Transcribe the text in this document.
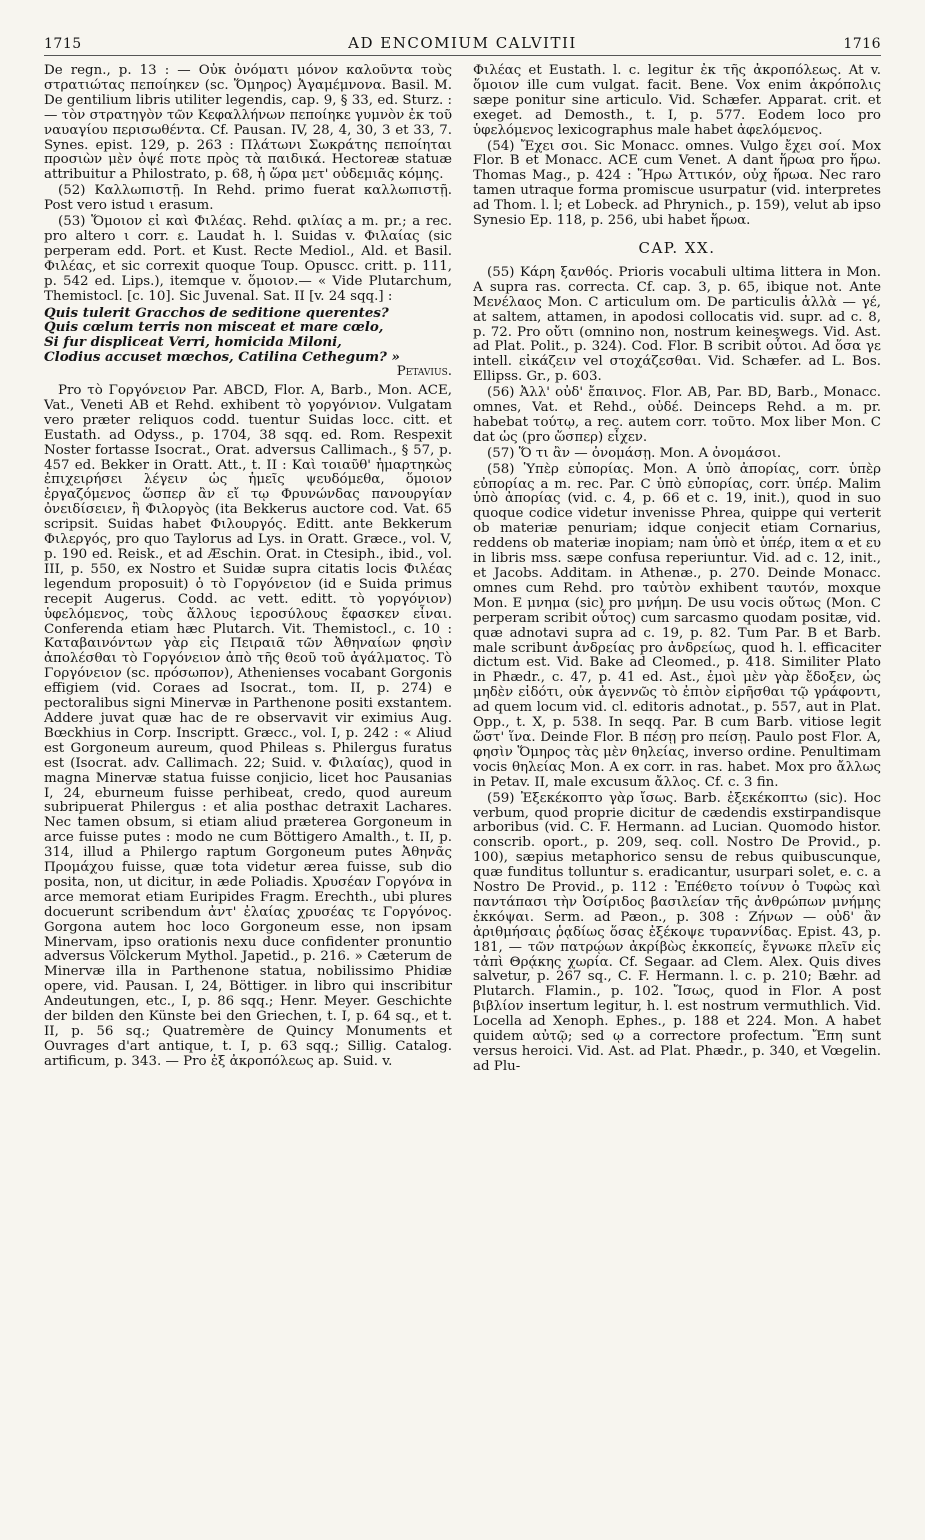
1715	AD ENCOMIUM CALVITII	1716

De regn., p. 13 : — Οὐκ ὀνόματι μόνον καλοῦντα τοὺς στρατιώτας πεποίηκεν (sc. Ὅμηρος) Ἀγαμέμνονα. Basil. M. De gentilium libris utiliter legendis, cap. 9, § 33, ed. Sturz. : — τὸν στρατηγὸν τῶν Κεφαλλήνων πεποίηκε γυμνὸν ἐκ τοῦ ναυαγίου περισωθέντα. Cf. Pausan. IV, 28, 4, 30, 3 et 33, 7. Synes. epist. 129, p. 263 : Πλάτωνι Σωκράτης πεποίηται προσιὼν μὲν ὀψέ ποτε πρὸς τὰ παιδικά. Hectoreæ statuæ attribuitur a Philostrato, p. 68, ἡ ὥρα μετ' οὐδεμιᾶς κόμης.

(52) Καλλωπιστῇ. In Rehd. primo fuerat καλλωπιστῇ. Post vero istud ι erasum.

(53) Ὅμοιον εἰ καὶ Φιλέας. Rehd. φιλίας a m. pr.; a rec. pro altero ι corr. ε. Laudat h. l. Suidas v. Φιλαίας (sic perperam edd. Port. et Kust. Recte Mediol., Ald. et Basil. Φιλέας, et sic correxit quoque Toup. Opuscc. critt. p. 111, p. 542 ed. Lips.), itemque v. ὅμοιον.— « Vide Plutarchum, Themistocl. [c. 10]. Sic Juvenal. Sat. II [v. 24 sqq.] :

Quis tulerit Gracchos de seditione querentes?
Quis cœlum terris non misceat et mare cœlo,
Si fur displiceat Verri, homicida Miloni,
Clodius accuset mœchos, Catilina Cethegum? »
Petavius.

Pro τὸ Γοργόνειον Par. ABCD, Flor. A, Barb., Mon. ACE, Vat., Veneti AB et Rehd. exhibent τὸ γοργόνιον. Vulgatam vero præter reliquos codd. tuentur Suidas locc. citt. et Eustath. ad Odyss., p. 1704, 38 sqq. ed. Rom. Respexit Noster fortasse Isocrat., Orat. adversus Callimach., § 57, p. 457 ed. Bekker in Oratt. Att., t. II : Καὶ τοιαῦθ' ἡμαρτηκὼς ἐπιχειρήσει λέγειν ὡς ἡμεῖς ψευδόμεθα, ὅμοιον ἐργαζόμενος ὥσπερ ἂν εἴ τῳ Φρυνώνδας πανουργίαν ὀνειδίσειεν, ἢ Φιλοργὸς (ita Bekkerus auctore cod. Vat. 65 scripsit. Suidas habet Φιλουργός. Editt. ante Bekkerum Φιλεργός, pro quo Taylorus ad Lys. in Oratt. Græce., vol. V, p. 190 ed. Reisk., et ad Æschin. Orat. in Ctesiph., ibid., vol. III, p. 550, ex Nostro et Suidæ supra citatis locis Φιλέας legendum proposuit) ὁ τὸ Γοργόνειον (id e Suida primus recepit Augerus. Codd. ac vett. editt. τὸ γοργόνιον) ὑφελόμενος, τοὺς ἄλλους ἱεροσύλους ἔφασκεν εἶναι. Conferenda etiam hæc Plutarch. Vit. Themistocl., c. 10 : Καταβαινόντων γὰρ εἰς Πειραιᾶ τῶν Ἀθηναίων φησὶν ἀπολέσθαι τὸ Γοργόνειον ἀπὸ τῆς θεοῦ τοῦ ἀγάλματος. Τὸ Γοργόνειον (sc. πρόσωπον), Athenienses vocabant Gorgonis effigiem (vid. Coraes ad Isocrat., tom. II, p. 274) e pectoralibus signi Minervæ in Parthenone positi exstantem. Addere juvat quæ hac de re observavit vir eximius Aug. Bœckhius in Corp. Inscriptt. Græcc., vol. I, p. 242 : « Aliud est Gorgoneum aureum, quod Phileas s. Philergus furatus est (Isocrat. adv. Callimach. 22; Suid. v. Φιλαίας), quod in magna Minervæ statua fuisse conjicio, licet hoc Pausanias I, 24, eburneum fuisse perhibeat, credo, quod aureum subripuerat Philergus : et alia posthac detraxit Lachares. Nec tamen obsum, si etiam aliud præterea Gorgoneum in arce fuisse putes : modo ne cum Böttigero Amalth., t. II, p. 314, illud a Philergo raptum Gorgoneum putes Ἀθηνᾶς Προμάχου fuisse, quæ tota videtur ærea fuisse, sub dio posita, non, ut dicitur, in æde Poliadis. Χρυσέαν Γοργόνα in arce memorat etiam Euripides Fragm. Erechth., ubi plures docuerunt scribendum ἀντ' ἐλαίας χρυσέας τε Γοργόνος. Gorgona autem hoc loco Gorgoneum esse, non ipsam Minervam, ipso orationis nexu duce confidenter pronuntio adversus Völckerum Mythol. Japetid., p. 216. » Cæterum de Minervæ illa in Parthenone statua, nobilissimo Phidiæ opere, vid. Pausan. I, 24, Böttiger. in libro qui inscribitur Andeutungen, etc., I, p. 86 sqq.; Henr. Meyer. Geschichte der bilden den Künste bei den Griechen, t. I, p. 64 sq., et t. II, p. 56 sq.; Quatremère de Quincy Monuments et Ouvrages d'art antique, t. I, p. 63 sqq.; Sillig. Catalog. artificum, p. 343. — Pro ἐξ ἀκροπόλεως ap. Suid. v.

Φιλέας et Eustath. l. c. legitur ἐκ τῆς ἀκροπόλεως. At v. ὅμοιον ille cum vulgat. facit. Bene. Vox enim ἀκρόπολις sæpe ponitur sine articulo. Vid. Schæfer. Apparat. crit. et exeget. ad Demosth., t. I, p. 577. Eodem loco pro ὑφελόμενος lexicographus male habet ἀφελόμενος.

(54) Ἔχει σοι. Sic Monacc. omnes. Vulgo ἔχει σοί. Mox Flor. B et Monacc. ACE cum Venet. A dant ἥρωα pro ἥρω. Thomas Mag., p. 424 : Ἥρω Ἀττικόν, οὐχ ἥρωα. Nec raro tamen utraque forma promiscue usurpatur (vid. interpretes ad Thom. l. l; et Lobeck. ad Phrynich., p. 159), velut ab ipso Synesio Ep. 118, p. 256, ubi habet ἥρωα.

CAP. XX.

(55) Κάρη ξανθός. Prioris vocabuli ultima littera in Mon. A supra ras. correcta. Cf. cap. 3, p. 65, ibique not. Ante Μενέλαος Mon. C articulum om. De particulis ἀλλὰ — γέ, at saltem, attamen, in apodosi collocatis vid. supr. ad c. 8, p. 72. Pro οὔτι (omnino non, nostrum keineswegs. Vid. Ast. ad Plat. Polit., p. 324). Cod. Flor. B scribit οὗτοι. Ad ὅσα γε intell. εἰκάζειν vel στοχάζεσθαι. Vid. Schæfer. ad L. Bos. Ellipss. Gr., p. 603.

(56) Ἀλλ' οὐδ' ἔπαινος. Flor. AB, Par. BD, Barb., Monacc. omnes, Vat. et Rehd., οὐδέ. Deinceps Rehd. a m. pr. habebat τούτῳ, a rec. autem corr. τοῦτο. Mox liber Mon. C dat ὡς (pro ὥσπερ) εἶχεν.

(57) Ὅ τι ἂν — ὀνομάσῃ. Mon. A ὀνομάσοι.

(58) Ὑπὲρ εὐπορίας. Mon. A ὑπὸ ἀπορίας, corr. ὑπὲρ εὐπορίας a m. rec. Par. C ὑπὸ εὐπορίας, corr. ὑπέρ. Malim ὑπὸ ἀπορίας (vid. c. 4, p. 66 et c. 19, init.), quod in suo quoque codice videtur invenisse Phrea, quippe qui verterit ob materiæ penuriam; idque conjecit etiam Cornarius, reddens ob materiæ inopiam; nam ὑπὸ et ὑπέρ, item α et ευ in libris mss. sæpe confusa reperiuntur. Vid. ad c. 12, init., et Jacobs. Additam. in Athenæ., p. 270. Deinde Monacc. omnes cum Rehd. pro ταὐτὸν exhibent ταυτόν, moxque Mon. E μνημα (sic) pro μνήμη. De usu vocis οὕτως (Mon. C perperam scribit οὗτος) cum sarcasmo quodam positæ, vid. quæ adnotavi supra ad c. 19, p. 82. Tum Par. B et Barb. male scribunt ἀνδρείας pro ἀνδρείως, quod h. l. efficaciter dictum est. Vid. Bake ad Cleomed., p. 418. Similiter Plato in Phædr., c. 47, p. 41 ed. Ast., ἐμοὶ μὲν γὰρ ἔδοξεν, ὡς μηδὲν εἰδότι, οὐκ ἀγεννῶς τὸ ἐπιὸν εἰρῆσθαι τῷ γράφοντι, ad quem locum vid. cl. editoris adnotat., p. 557, aut in Plat. Opp., t. X, p. 538. In seqq. Par. B cum Barb. vitiose legit ὥστ' ἵνα. Deinde Flor. B πέσῃ pro πείσῃ. Paulo post Flor. A, φησὶν Ὅμηρος τὰς μὲν θηλείας, inverso ordine. Penultimam vocis θηλείας Mon. A ex corr. in ras. habet. Mox pro ἄλλως in Petav. II, male excusum ἄλλος. Cf. c. 3 fin.

(59) Ἐξεκέκοπτο γὰρ ἴσως. Barb. ἐξεκέκοπτω (sic). Hoc verbum, quod proprie dicitur de cædendis exstirpandisque arboribus (vid. C. F. Hermann. ad Lucian. Quomodo histor. conscrib. oport., p. 209, seq. coll. Nostro De Provid., p. 100), sæpius metaphorico sensu de rebus quibuscunque, quæ funditus tolluntur s. eradicantur, usurpari solet, e. c. a Nostro De Provid., p. 112 : Ἐπέθετο τοίνυν ὁ Τυφὼς καὶ παντάπασι τὴν Ὀσίριδος βασιλείαν τῆς ἀνθρώπων μνήμης ἐκκόψαι. Serm. ad Pæon., p. 308 : Ζήνων — οὐδ' ἂν ἀριθμήσαις ῥᾳδίως ὅσας ἐξέκοψε τυραννίδας. Epist. 43, p. 181, — τῶν πατρῴων ἀκρίβὼς ἐκκοπείς, ἔγνωκε πλεῖν εἰς τἀπὶ Θρᾴκης χωρία. Cf. Segaar. ad Clem. Alex. Quis dives salvetur, p. 267 sq., C. F. Hermann. l. c. p. 210; Bæhr. ad Plutarch. Flamin., p. 102. Ἴσως, quod in Flor. A post βιβλίον insertum legitur, h. l. est nostrum vermuthlich. Vid. Locella ad Xenoph. Ephes., p. 188 et 224. Mon. A habet quidem αὐτῷ; sed ῳ a correctore profectum. Ἔπη sunt versus heroici. Vid. Ast. ad Plat. Phædr., p. 340, et Vœgelin. ad Plu-
